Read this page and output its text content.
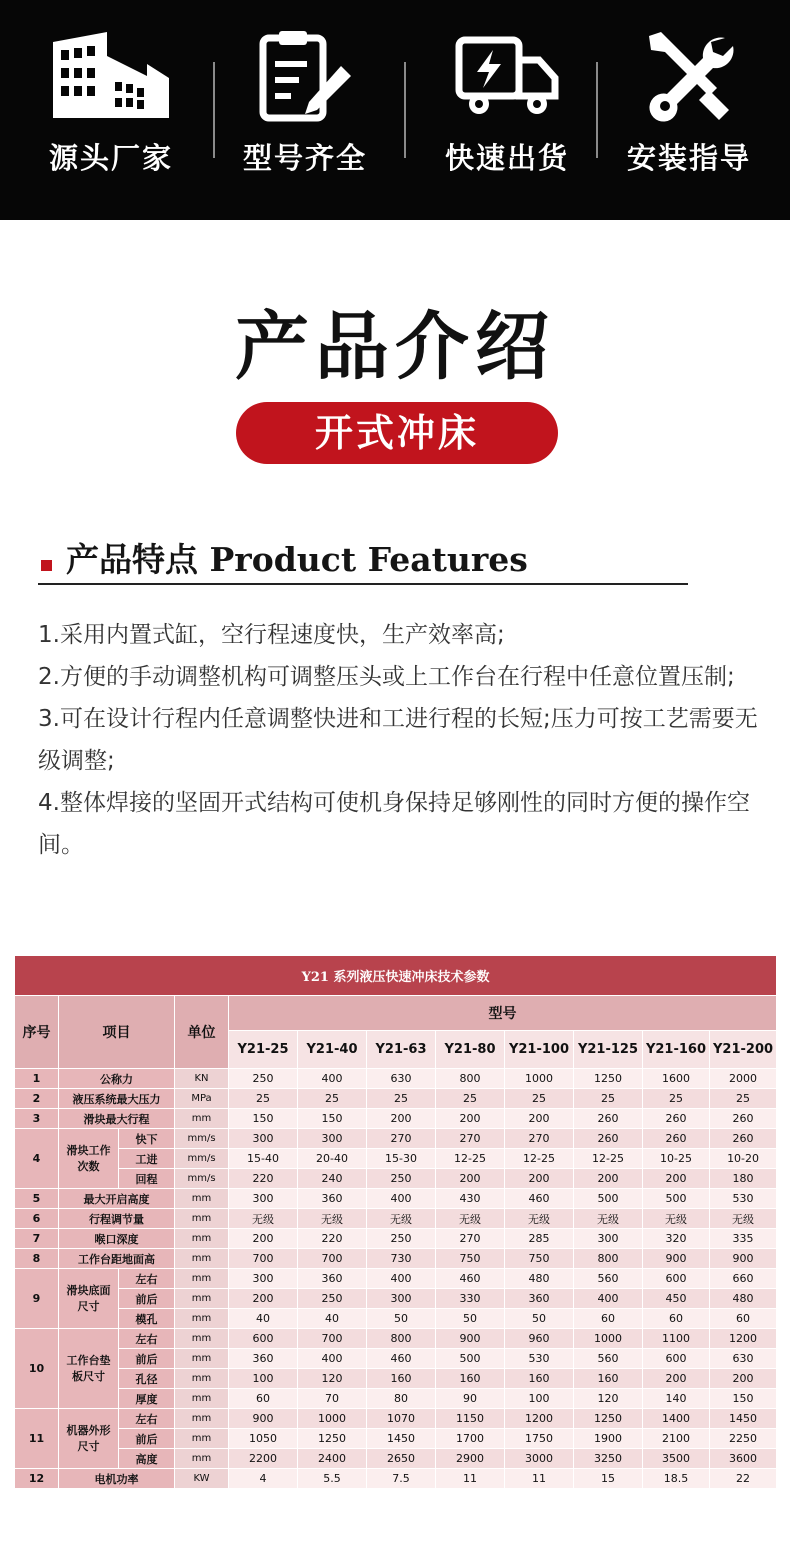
源头厂家	型号齐全	快速出货	安装指导
产品介绍
开式冲床
产品特点 Product Features

1.采用内置式缸，空行程速度快，生产效率高;

2.方便的手动调整机构可调整压头或上工作台在行程中任意位置压制;

3.可在设计行程内任意调整快进和工进行程的长短;压力可按工艺需要无级调整;

4.整体焊接的坚固开式结构可使机身保持足够刚性的同时方便的操作空间。

Y21 系列液压快速冲床技术参数											
序号	项目		单位	型号							
				Y21-25	Y21-40	Y21-63	Y21-80	Y21-100	Y21-125	Y21-160	Y21-200
1	公称力		KN	250	400	630	800	1000	1250	1600	2000
2	液压系统最大压力		MPa	25	25	25	25	25	25	25	25
3	滑块最大行程		mm	150	150	200	200	200	260	260	260
4	滑块工作次数	快下	mm/s	300	300	270	270	270	260	260	260
		工进	mm/s	15-40	20-40	15-30	12-25	12-25	12-25	10-25	10-20
		回程	mm/s	220	240	250	200	200	200	200	180
5	最大开启高度		mm	300	360	400	430	460	500	500	530
6	行程调节量		mm	无级	无级	无级	无级	无级	无级	无级	无级
7	喉口深度		mm	200	220	250	270	285	300	320	335
8	工作台距地面高		mm	700	700	730	750	750	800	900	900
9	滑块底面尺寸	左右	mm	300	360	400	460	480	560	600	660
		前后	mm	200	250	300	330	360	400	450	480
		模孔	mm	40	40	50	50	50	60	60	60
10	工作台垫板尺寸	左右	mm	600	700	800	900	960	1000	1100	1200
		前后	mm	360	400	460	500	530	560	600	630
		孔径	mm	100	120	160	160	160	160	200	200
		厚度	mm	60	70	80	90	100	120	140	150
11	机器外形尺寸	左右	mm	900	1000	1070	1150	1200	1250	1400	1450
		前后	mm	1050	1250	1450	1700	1750	1900	2100	2250
		高度	mm	2200	2400	2650	2900	3000	3250	3500	3600
12	电机功率		KW	4	5.5	7.5	11	11	15	18.5	22
